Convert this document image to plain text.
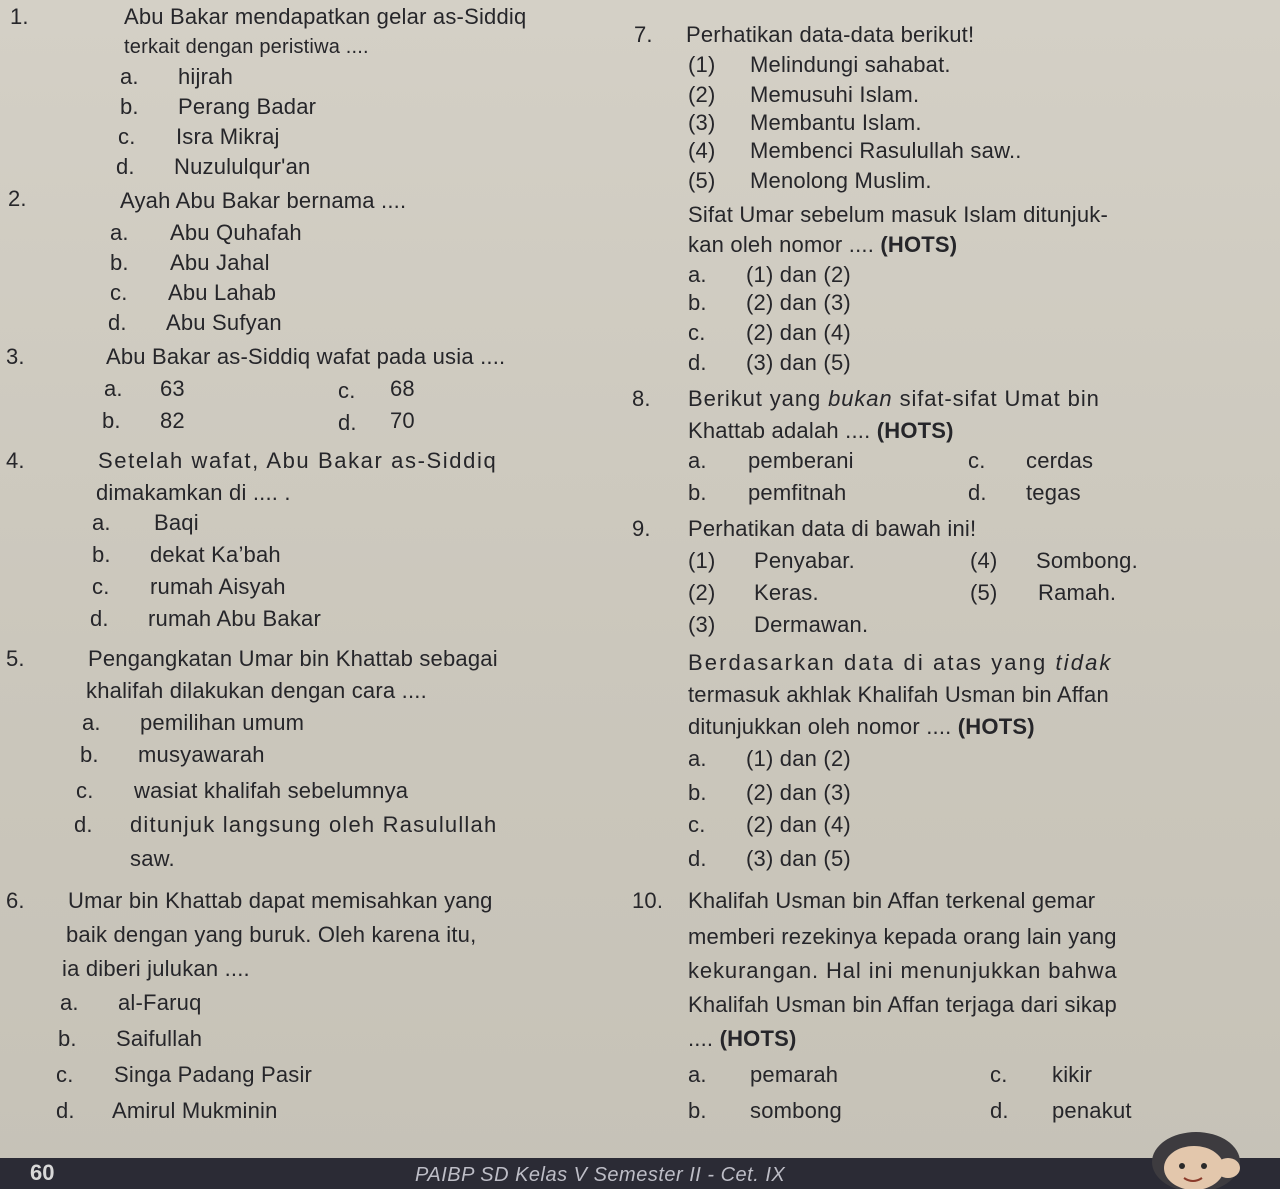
1.	Abu Bakar mendapatkan gelar as-Siddiq
terkait dengan peristiwa ....
a. hijrah
b. Perang Badar
c. Isra Mikraj
d. Nuzululqur'an
2.	Ayah Abu Bakar bernama ....
a. Abu Quhafah
b. Abu Jahal
c. Abu Lahab
d. Abu Sufyan
3.	Abu Bakar as-Siddiq wafat pada usia ....
a. 63	c. 68
b. 82	d. 70
4.	Setelah wafat, Abu Bakar as-Siddiq
dimakamkan di .... .
a. Baqi
b. dekat Ka’bah
c. rumah Aisyah
d. rumah Abu Bakar
5.	Pengangkatan Umar bin Khattab sebagai
khalifah dilakukan dengan cara ....
a. pemilihan umum
b. musyawarah
c. wasiat khalifah sebelumnya
d. ditunjuk langsung oleh Rasulullah
saw.
6. Umar bin Khattab dapat memisahkan yang
baik dengan yang buruk. Oleh karena itu,
ia diberi julukan ....
a. al-Faruq
b. Saifullah
c. Singa Padang Pasir
d. Amirul Mukminin
7. Perhatikan data-data berikut!
(1) Melindungi sahabat.
(2) Memusuhi Islam.
(3) Membantu Islam.
(4) Membenci Rasulullah saw..
(5) Menolong Muslim.
Sifat Umar sebelum masuk Islam ditunjuk-
kan oleh nomor .... (HOTS)
a. (1) dan (2)
b. (2) dan (3)
c. (2) dan (4)
d. (3) dan (5)
8. Berikut yang bukan sifat-sifat Umat bin
Khattab adalah .... (HOTS)
a. pemberani	c. cerdas
b. pemfitnah	d. tegas
9. Perhatikan data di bawah ini!
(1) Penyabar.	(4) Sombong.
(2) Keras.	(5) Ramah.
(3) Dermawan.
Berdasarkan data di atas yang tidak
termasuk akhlak Khalifah Usman bin Affan
ditunjukkan oleh nomor .... (HOTS)
a. (1) dan (2)
b. (2) dan (3)
c. (2) dan (4)
d. (3) dan (5)
10. Khalifah Usman bin Affan terkenal gemar
memberi rezekinya kepada orang lain yang
kekurangan. Hal ini menunjukkan bahwa
Khalifah Usman bin Affan terjaga dari sikap
.... (HOTS)
a. pemarah	c. kikir
b. sombong	d. penakut
60	PAIBP SD Kelas V Semester II - Cet. IX
